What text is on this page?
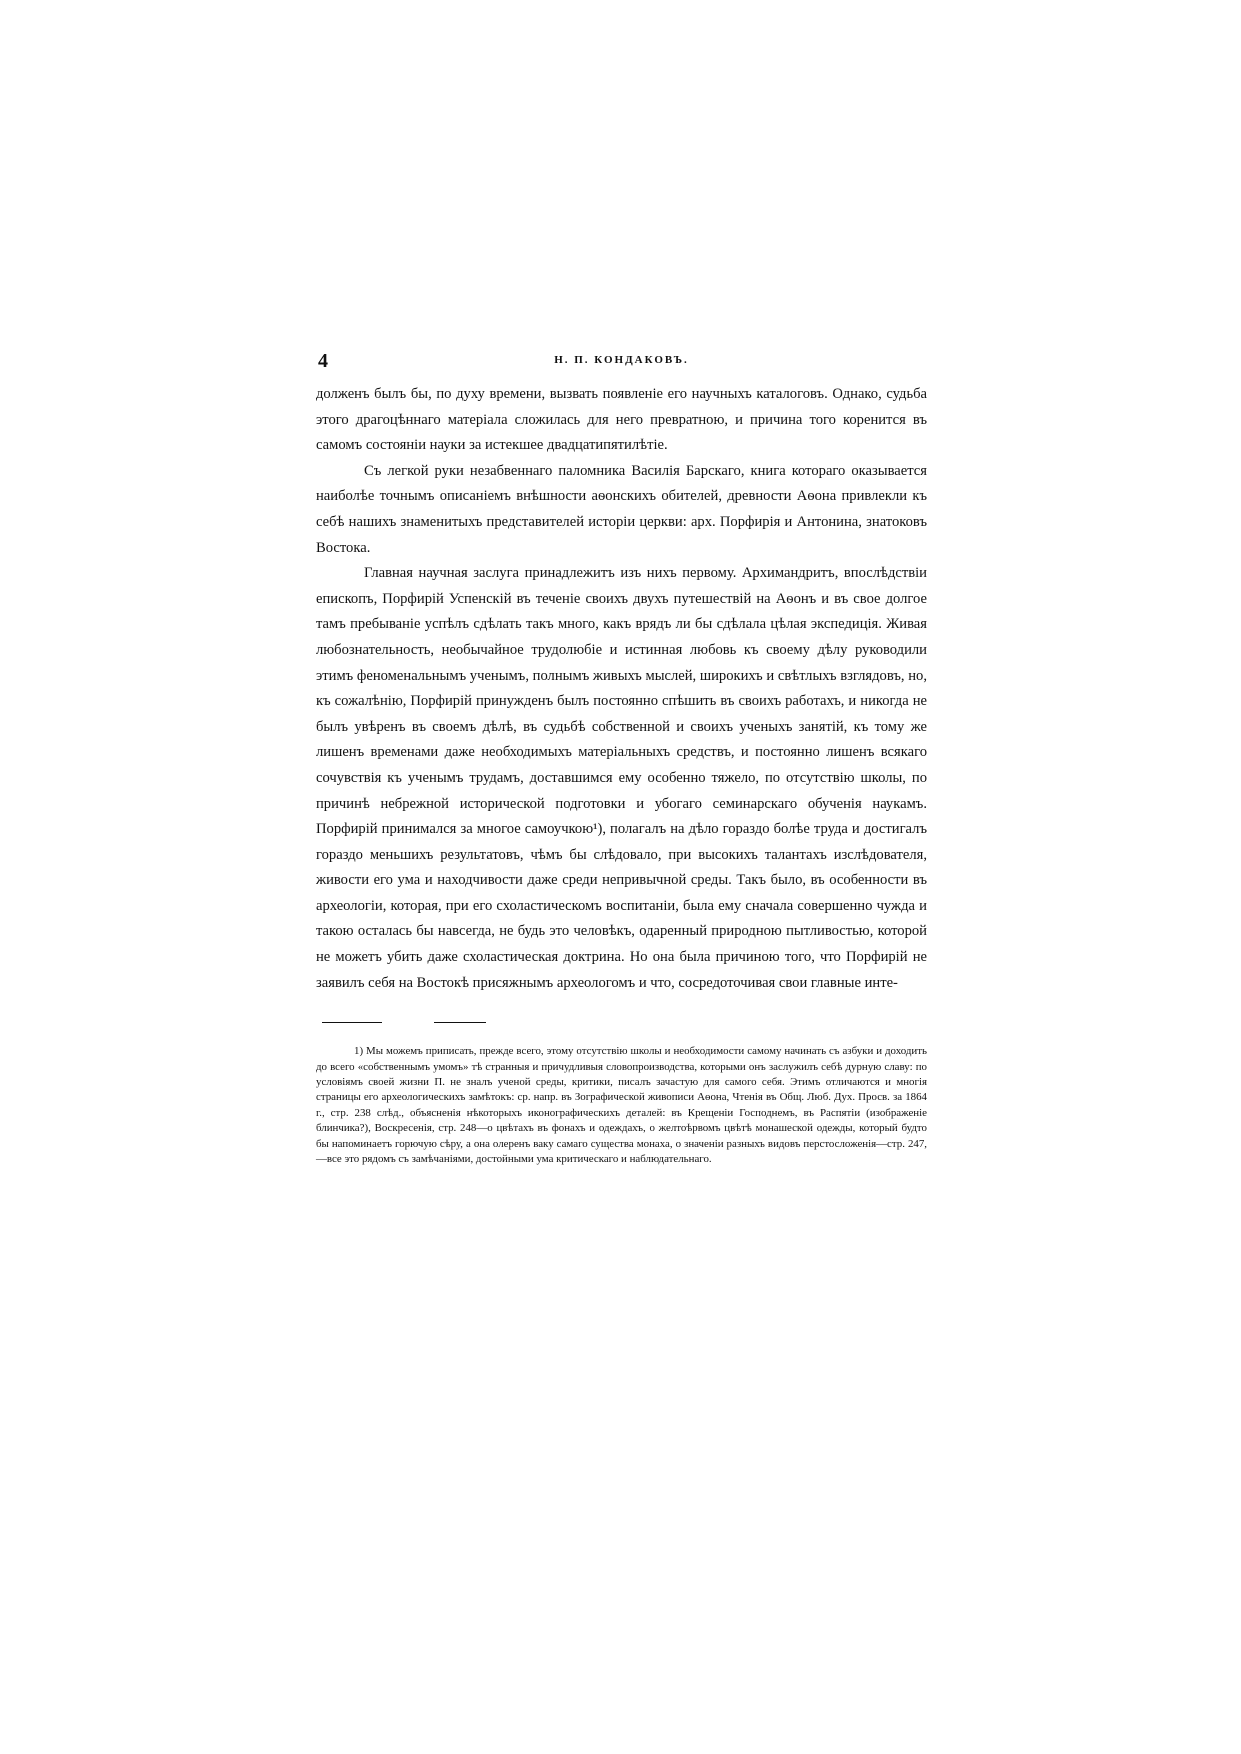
4	Н. П. КОНДАКОВЪ.

долженъ былъ бы, по духу времени, вызвать появленіе его научныхъ каталоговъ. Однако, судьба этого драгоцѣннаго матеріала сложилась для него превратною, и причина того коренится въ самомъ состояніи науки за истекшее двадцатипятилѣтіе.

Съ легкой руки незабвеннаго паломника Василія Барскаго, книга котораго оказывается наиболѣе точнымъ описаніемъ внѣшности аѳонскихъ обителей, древности Аѳона привлекли къ себѣ нашихъ знаменитыхъ представителей исторіи церкви: арх. Порфирія и Антонина, знатоковъ Востока.

Главная научная заслуга принадлежитъ изъ нихъ первому. Архимандритъ, впослѣдствіи епископъ, Порфирій Успенскій въ теченіе своихъ двухъ путешествій на Аѳонъ и въ свое долгое тамъ пребываніе успѣлъ сдѣлать такъ много, какъ врядъ ли бы сдѣлала цѣлая экспедиція. Живая любознательность, необычайное трудолюбіе и истинная любовь къ своему дѣлу руководили этимъ феноменальнымъ ученымъ, полнымъ живыхъ мыслей, широкихъ и свѣтлыхъ взглядовъ, но, къ сожалѣнію, Порфирій принужденъ былъ постоянно спѣшить въ своихъ работахъ, и никогда не былъ увѣренъ въ своемъ дѣлѣ, въ судьбѣ собственной и своихъ ученыхъ занятій, къ тому же лишенъ временами даже необходимыхъ матеріальныхъ средствъ, и постоянно лишенъ всякаго сочувствія къ ученымъ трудамъ, доставшимся ему особенно тяжело, по отсутствію школы, по причинѣ небрежной исторической подготовки и убогаго семинарскаго обученія наукамъ. Порфирій принимался за многое самоучкою¹), полагалъ на дѣло гораздо болѣе труда и достигалъ гораздо меньшихъ результатовъ, чѣмъ бы слѣдовало, при высокихъ талантахъ изслѣдователя, живости его ума и находчивости даже среди непривычной среды. Такъ было, въ особенности въ археологіи, которая, при его схоластическомъ воспитаніи, была ему сначала совершенно чужда и такою осталась бы навсегда, не будь это человѣкъ, одаренный природною пытливостью, которой не можетъ убить даже схоластическая доктрина. Но она была причиною того, что Порфирій не заявилъ себя на Востокѣ присяжнымъ археологомъ и что, сосредоточивая свои главные инте-

1) Мы можемъ приписать, прежде всего, этому отсутствію школы и необходимости самому начинать съ азбуки и доходить до всего «собственнымъ умомъ» тѣ странныя и причудливыя словопроизводства, которыми онъ заслужилъ себѣ дурную славу: по условіямъ своей жизни П. не зналъ ученой среды, критики, писалъ зачастую для самого себя. Этимъ отличаются и многія страницы его археологическихъ замѣтокъ: ср. напр. въ Зографической живописи Аѳона, Чтенія въ Общ. Люб. Дух. Просв. за 1864 г., стр. 238 слѣд., объясненія нѣкоторыхъ иконографическихъ деталей: въ Крещеніи Господнемъ, въ Распятіи (изображеніе блинчика?), Воскресенія, стр. 248—о цвѣтахъ въ фонахъ и одеждахъ, о желтоѣрвомъ цвѣтѣ монашеской одежды, который будто бы напоминаетъ горючую сѣру, а она олеренъ ваку самаго существа монаха, о значеніи разныхъ видовъ перстосложенія—стр. 247,—все это рядомъ съ замѣчаніями, достойными ума критическаго и наблюдательнаго.
